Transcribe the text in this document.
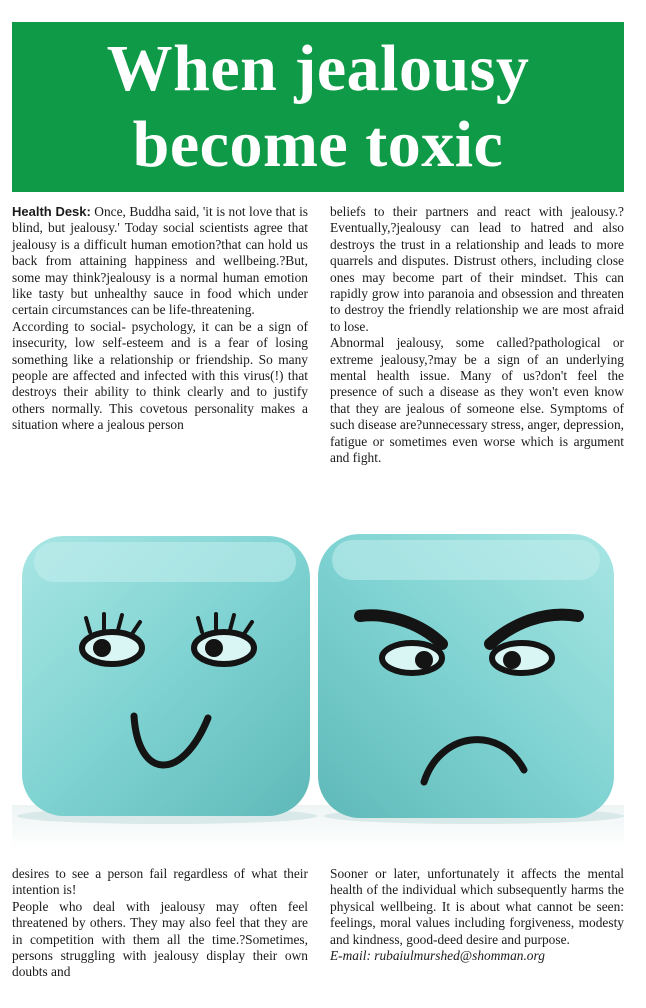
When jealousy
become toxic

Health Desk: Once, Buddha said, 'it is not love that is blind, but jealousy.' Today social scientists agree that jealousy is a difficult human emotion?that can hold us back from attaining happiness and wellbeing.?But, some may think?jealousy is a normal human emotion like tasty but unhealthy sauce in food which under certain circumstances can be life-threatening.

According to social- psychology, it can be a sign of insecurity, low self-esteem and is a fear of losing something like a relationship or friendship. So many people are affected and infected with this virus(!) that destroys their ability to think clearly and to justify others normally. This covetous personality makes a situation where a jealous person

beliefs to their partners and react with jealousy.?Eventually,?jealousy can lead to hatred and also destroys the trust in a relationship and leads to more quarrels and disputes. Distrust others, including close ones may become part of their mindset. This can rapidly grow into paranoia and obsession and threaten to destroy the friendly relationship we are most afraid to lose.

Abnormal jealousy, some called?pathological or extreme jealousy,?may be a sign of an underlying mental health issue. Many of us?don't feel the presence of such a disease as they won't even know that they are jealous of someone else. Symptoms of such disease are?unnecessary stress, anger, depression, fatigue or sometimes even worse which is argument and fight.

desires to see a person fail regardless of what their intention is!

People who deal with jealousy may often feel threatened by others. They may also feel that they are in competition with them all the time.?Sometimes, persons struggling with jealousy display their own doubts and

Sooner or later, unfortunately it affects the mental health of the individual which subsequently harms the physical wellbeing. It is about what cannot be seen: feelings, moral values including forgiveness, modesty and kindness, good-deed desire and purpose.

E-mail: rubaiulmurshed@shomman.org
